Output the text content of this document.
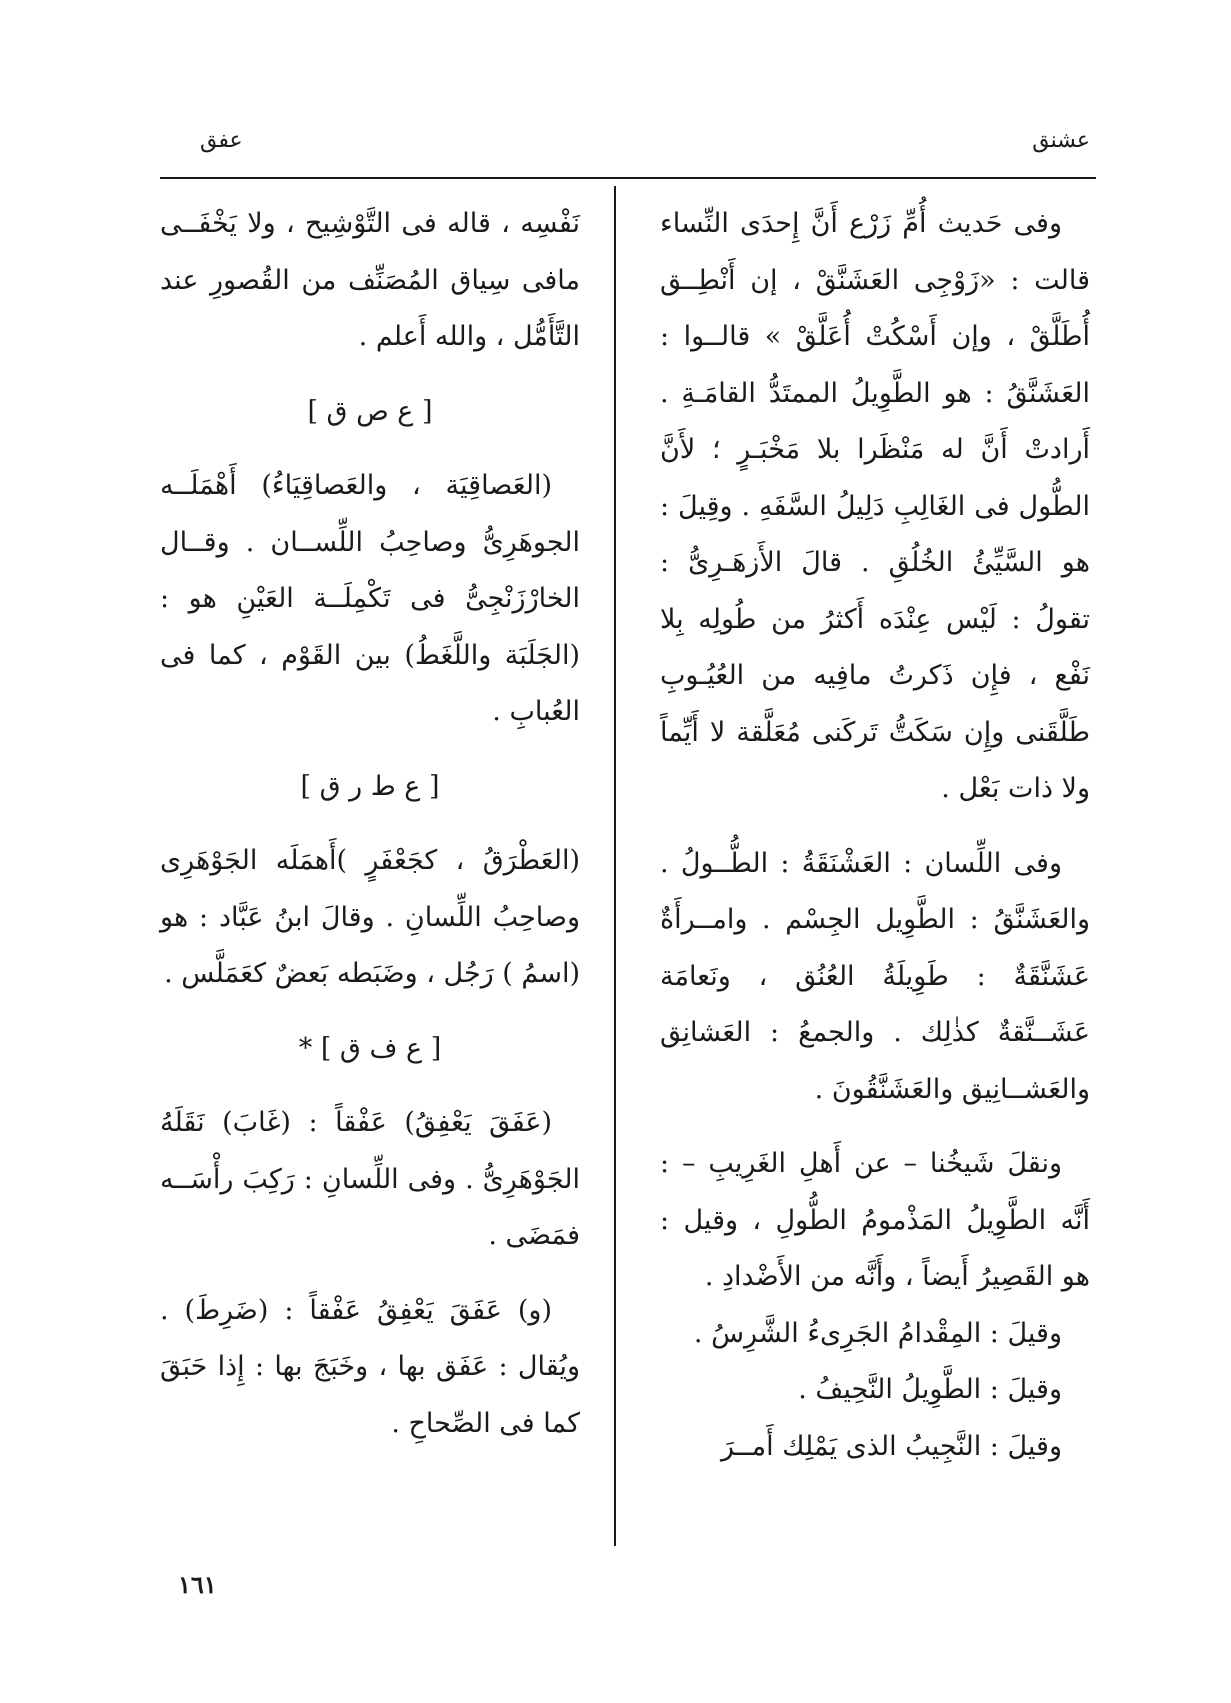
عشنق
عفق

وفى حَديث أُمِّ زَرْع أَنَّ إِحدَى النِّساء قالت : «زَوْجِى العَشَنَّقْ ، إن أَنْطِــق أُطَلَّقْ ، وإن أَسْكُتْ أُعَلَّقْ » قالــوا : العَشَنَّقُ : هو الطَّوِيلُ الممتَدُّ القامَـةِ . أَرادتْ أَنَّ له مَنْظَرا بلا مَخْبَـرٍ ؛ لأَنَّ الطُّول فى الغَالِبِ دَلِيلُ السَّفَهِ . وقِيلَ : هو السَّيِّئُ الخُلُقِ . قالَ الأَزهَـرِىُّ : تقولُ : لَيْس عِنْدَه أَكثرُ من طُولِه بِلا نَفْع ، فإِن ذَكرتُ مافِيه من العُيُـوبِ طَلَّقَنى وإِن سَكَتُّ تَركَنى مُعَلَّقة لا أَيِّماً ولا ذات بَعْل .

وفى اللِّسان : العَشْنَقَةُ : الطُّــولُ . والعَشَنَّقُ : الطَّوِيل الجِسْم . وامــرأَةٌ عَشَنَّقَةٌ : طَوِيلَةُ العُنُق ، ونَعامَة عَشَــنَّقةٌ كذٰلِك . والجمعُ : العَشانِق والعَشــانِيق والعَشَنَّقُونَ .

ونقلَ شَيخُنا – عن أَهلِ الغَرِيبِ – : أَنَّه الطَّوِيلُ المَذْمومُ الطُّولِ ، وقيل : هو القَصِيرُ أَيضاً ، وأَنَّه من الأَضْدادِ .

وقيلَ : المِقْدامُ الجَرِىءُ الشَّرِسُ .

وقيلَ : الطَّوِيلُ النَّحِيفُ .

وقيلَ : النَّجِيبُ الذى يَمْلِك أَمــرَ

نَفْسِه ، قاله فى التَّوْشِيح ، ولا يَخْفَــى مافى سِياق المُصَنِّف من القُصورِ عند التَّأَمُّل ، والله أَعلم .

[ ع ص ق ]

(العَصاقِيَة ، والعَصاقِيَاءُ) أَهْمَلَــه الجوهَرِىُّ وصاحِبُ اللِّســان . وقــال الخارْزَنْجِىُّ فى تَكْمِلَــة العَيْنِ هو : (الجَلَبَة واللَّغَطُ) بين القَوْم ، كما فى العُبابِ .

[ ع ط ر ق ]

(العَطْرَقُ ، كجَعْفَرٍ )أَهمَلَه الجَوْهَرِى وصاحِبُ اللِّسانِ . وقالَ ابنُ عَبَّاد : هو (اسمُ ) رَجُل ، وضَبَطه بَعضٌ كعَمَلَّس .

[ ع ف ق ] *

(عَفَقَ يَعْفِقُ) عَفْقاً : (غَابَ) نَقَلَهُ الجَوْهَرِىُّ . وفى اللِّسانِ : رَكِبَ رأْسَــه فمَضَى .

(و) عَفَقَ يَعْفِقُ عَفْقاً : (ضَرِطَ) . ويُقال : عَفَق بها ، وخَبَجَ بها : إِذا حَبَقَ كما فى الصِّحاحِ .

١٦١
